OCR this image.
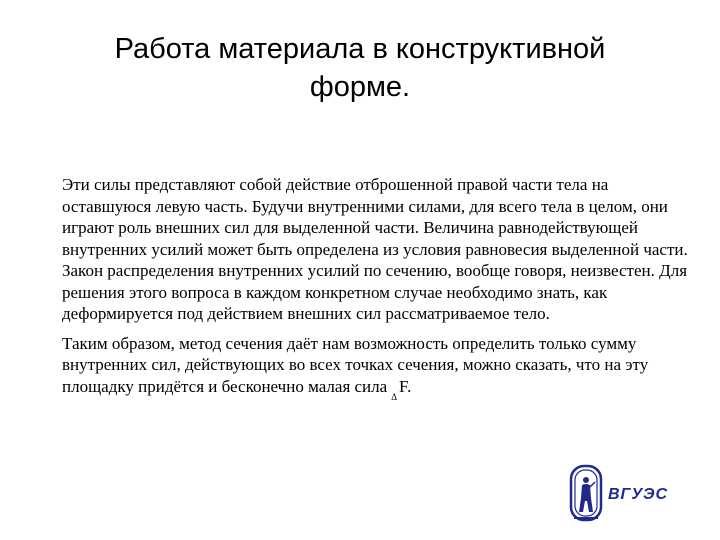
Работа материала в конструктивной
форме.

Эти силы представляют собой действие отброшенной правой части тела на оставшуюся левую часть. Будучи внутренними силами, для всего тела в целом, они играют роль внешних сил для выделенной части. Величина равнодействующей внутренних усилий может быть определена из условия равновесия выделенной части. Закон распределения внутренних усилий по сечению, вообще говоря, неизвестен. Для решения этого вопроса в каждом конкретном случае необходимо знать, как деформируется под действием внешних сил рассматриваемое тело.

Таким образом, метод сечения даёт нам возможность определить только сумму внутренних сил, действующих во всех точках сечения, можно сказать, что на эту площадку придётся и бесконечно малая сила$_\Delta$F.

ВГУЭС
